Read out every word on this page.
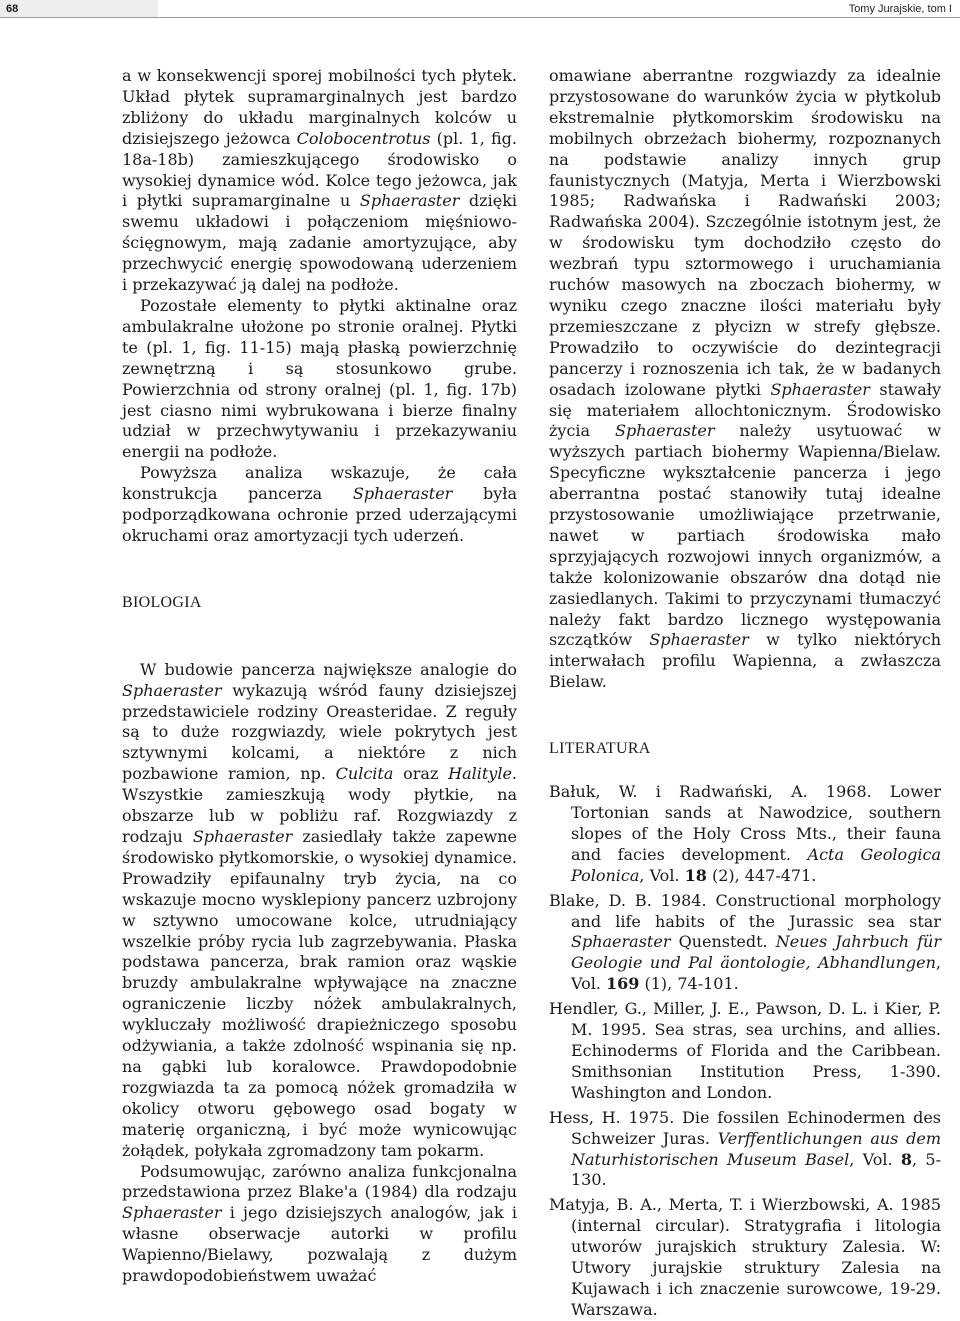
68	Tomy Jurajskie, tom I

a w konsekwencji sporej mobilności tych płytek. Układ płytek supramarginalnych jest bardzo zbliżony do układu marginalnych kolców u dzisiejszego jeżowca Colobocentrotus (pl. 1, fig. 18a-18b) zamieszkującego środowisko o wysokiej dynamice wód. Kolce tego jeżowca, jak i płytki supramarginalne u Sphaeraster dzięki swemu układowi i połączeniom mięśniowo-ścięgnowym, mają zadanie amortyzujące, aby przechwycić energię spowodowaną uderzeniem i przekazywać ją dalej na podłoże.

Pozostałe elementy to płytki aktinalne oraz ambulakralne ułożone po stronie oralnej. Płytki te (pl. 1, fig. 11-15) mają płaską powierzchnię zewnętrzną i są stosunkowo grube. Powierzchnia od strony oralnej (pl. 1, fig. 17b) jest ciasno nimi wybrukowana i bierze finalny udział w przechwytywaniu i przekazywaniu energii na podłoże.

Powyższa analiza wskazuje, że cała konstrukcja pancerza Sphaeraster była podporządkowana ochronie przed uderzającymi okruchami oraz amortyzacji tych uderzeń.

BIOLOGIA

W budowie pancerza największe analogie do Sphaeraster wykazują wśród fauny dzisiejszej przedstawiciele rodziny Oreasteridae. Z reguły są to duże rozgwiazdy, wiele pokrytych jest sztywnymi kolcami, a niektóre z nich pozbawione ramion, np. Culcita oraz Halityle. Wszystkie zamieszkują wody płytkie, na obszarze lub w pobliżu raf. Rozgwiazdy z rodzaju Sphaeraster zasiedlały także zapewne środowisko płytkomorskie, o wysokiej dynamice. Prowadziły epifaunalny tryb życia, na co wskazuje mocno wysklepiony pancerz uzbrojony w sztywno umocowane kolce, utrudniający wszelkie próby rycia lub zagrzebywania. Płaska podstawa pancerza, brak ramion oraz wąskie bruzdy ambulakralne wpływające na znaczne ograniczenie liczby nóżek ambulakralnych, wykluczały możliwość drapieżniczego sposobu odżywiania, a także zdolność wspinania się np. na gąbki lub koralowce. Prawdopodobnie rozgwiazda ta za pomocą nóżek gromadziła w okolicy otworu gębowego osad bogaty w materię organiczną, i być może wynicowując żołądek, połykała zgromadzony tam pokarm.

Podsumowując, zarówno analiza funkcjonalna przedstawiona przez Blake'a (1984) dla rodzaju Sphaeraster i jego dzisiejszych analogów, jak i własne obserwacje autorki w profilu Wapienno/Bielawy, pozwalają z dużym prawdopodobieństwem uważać

omawiane aberrantne rozgwiazdy za idealnie przystosowane do warunków życia w płytkolub ekstremalnie płytkomorskim środowisku na mobilnych obrzeżach biohermy, rozpoznanych na podstawie analizy innych grup faunistycznych (Matyja, Merta i Wierzbowski 1985; Radwańska i Radwański 2003; Radwańska 2004). Szczególnie istotnym jest, że w środowisku tym dochodziło często do wezbrań typu sztormowego i uruchamiania ruchów masowych na zboczach biohermy, w wyniku czego znaczne ilości materiału były przemieszczane z płycizn w strefy głębsze. Prowadziło to oczywiście do dezintegracji pancerzy i roznoszenia ich tak, że w badanych osadach izolowane płytki Sphaeraster stawały się materiałem allochtonicznym. Środowisko życia Sphaeraster należy usytuować w wyższych partiach biohermy Wapienna/Bielaw. Specyficzne wykształcenie pancerza i jego aberrantna postać stanowiły tutaj idealne przystosowanie umożliwiające przetrwanie, nawet w partiach środowiska mało sprzyjających rozwojowi innych organizmów, a także kolonizowanie obszarów dna dotąd nie zasiedlanych. Takimi to przyczynami tłumaczyć należy fakt bardzo licznego występowania szczątków Sphaeraster w tylko niektórych interwałach profilu Wapienna, a zwłaszcza Bielaw.

LITERATURA

Bałuk, W. i Radwański, A. 1968. Lower Tortonian sands at Nawodzice, southern slopes of the Holy Cross Mts., their fauna and facies development. Acta Geologica Polonica, Vol. 18 (2), 447-471.

Blake, D. B. 1984. Constructional morphology and life habits of the Jurassic sea star Sphaeraster Quenstedt. Neues Jahrbuch für Geologie und Pal äontologie, Abhandlungen, Vol. 169 (1), 74-101.

Hendler, G., Miller, J. E., Pawson, D. L. i Kier, P. M. 1995. Sea stras, sea urchins, and allies. Echinoderms of Florida and the Caribbean. Smithsonian Institution Press, 1-390. Washington and London.

Hess, H. 1975. Die fossilen Echinodermen des Schweizer Juras. Verffentlichungen aus dem Naturhistorischen Museum Basel, Vol. 8, 5-130.

Matyja, B. A., Merta, T. i Wierzbowski, A. 1985 (internal circular). Stratygrafia i litologia utworów jurajskich struktury Zalesia. W: Utwory jurajskie struktury Zalesia na Kujawach i ich znaczenie surowcowe, 19-29. Warszawa.
